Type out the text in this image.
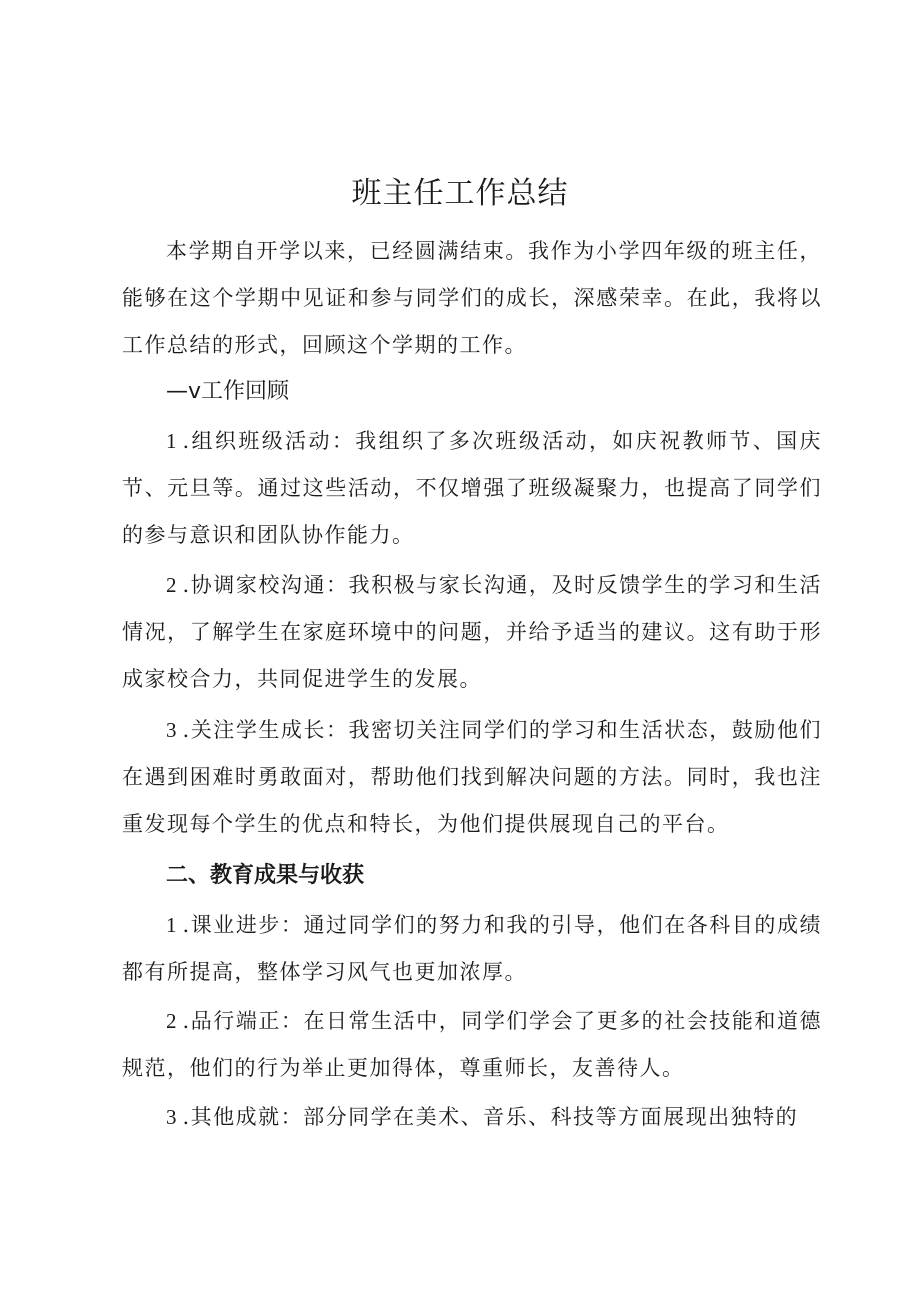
班主任工作总结

本学期自开学以来，已经圆满结束。我作为小学四年级的班主任，能够在这个学期中见证和参与同学们的成长，深感荣幸。在此，我将以工作总结的形式，回顾这个学期的工作。

—v工作回顾

1 .组织班级活动：我组织了多次班级活动，如庆祝教师节、国庆节、元旦等。通过这些活动，不仅增强了班级凝聚力，也提高了同学们的参与意识和团队协作能力。

2 .协调家校沟通：我积极与家长沟通，及时反馈学生的学习和生活情况，了解学生在家庭环境中的问题，并给予适当的建议。这有助于形成家校合力，共同促进学生的发展。

3 .关注学生成长：我密切关注同学们的学习和生活状态，鼓励他们在遇到困难时勇敢面对，帮助他们找到解决问题的方法。同时，我也注重发现每个学生的优点和特长，为他们提供展现自己的平台。

二、教育成果与收获

1 .课业进步：通过同学们的努力和我的引导，他们在各科目的成绩都有所提高，整体学习风气也更加浓厚。

2 .品行端正：在日常生活中，同学们学会了更多的社会技能和道德规范，他们的行为举止更加得体，尊重师长，友善待人。

3 .其他成就：部分同学在美术、音乐、科技等方面展现出独特的
